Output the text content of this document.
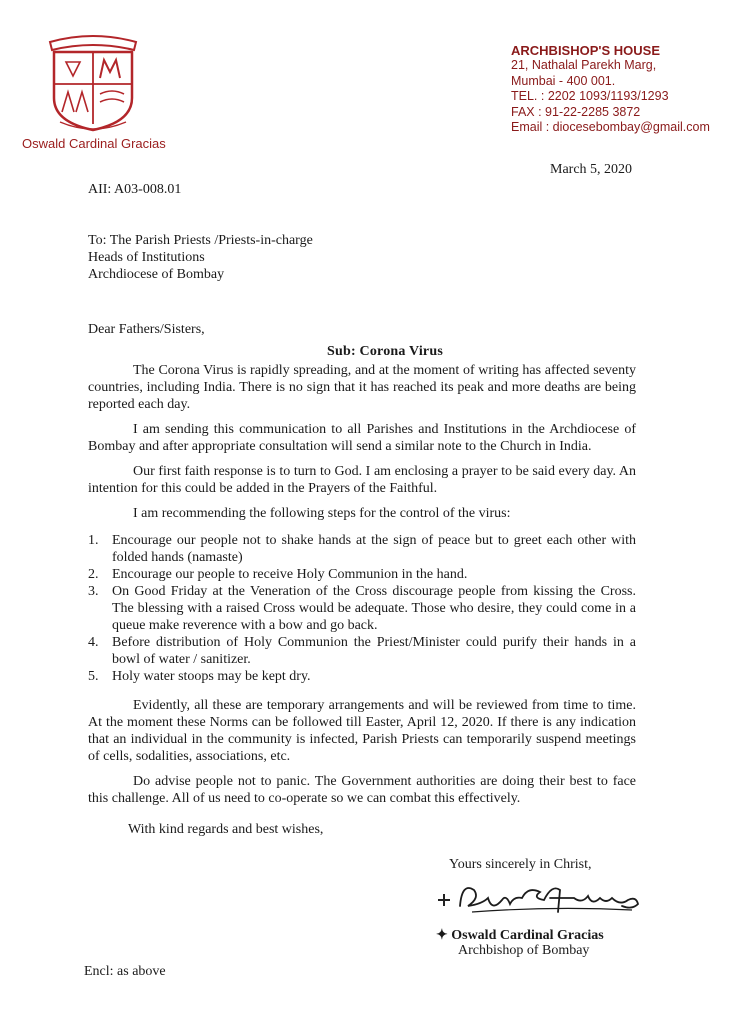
Oswald Cardinal Gracias
ARCHBISHOP'S HOUSE
21, Nathalal Parekh Marg,
Mumbai - 400 001.
TEL. : 2202 1093/1193/1293
FAX : 91-22-2285 3872
Email : diocesebombay@gmail.com
March 5, 2020
AII: A03-008.01
To: The Parish Priests /Priests-in-charge
Heads of Institutions
Archdiocese of Bombay
Dear Fathers/Sisters,
Sub: Corona Virus

The Corona Virus is rapidly spreading, and at the moment of writing has affected seventy countries, including India. There is no sign that it has reached its peak and more deaths are being reported each day.

I am sending this communication to all Parishes and Institutions in the Archdiocese of Bombay and after appropriate consultation will send a similar note to the Church in India.

Our first faith response is to turn to God. I am enclosing a prayer to be said every day. An intention for this could be added in the Prayers of the Faithful.

I am recommending the following steps for the control of the virus:

1. Encourage our people not to shake hands at the sign of peace but to greet each other with folded hands (namaste)
2. Encourage our people to receive Holy Communion in the hand.
3. On Good Friday at the Veneration of the Cross discourage people from kissing the Cross. The blessing with a raised Cross would be adequate. Those who desire, they could come in a queue make reverence with a bow and go back.
4. Before distribution of Holy Communion the Priest/Minister could purify their hands in a bowl of water / sanitizer.
5. Holy water stoops may be kept dry.

Evidently, all these are temporary arrangements and will be reviewed from time to time. At the moment these Norms can be followed till Easter, April 12, 2020. If there is any indication that an individual in the community is infected, Parish Priests can temporarily suspend meetings of cells, sodalities, associations, etc.

Do advise people not to panic. The Government authorities are doing their best to face this challenge. All of us need to co-operate so we can combat this effectively.

With kind regards and best wishes,
Yours sincerely in Christ,
✦ Oswald Cardinal Gracias
Archbishop of Bombay
Encl: as above
